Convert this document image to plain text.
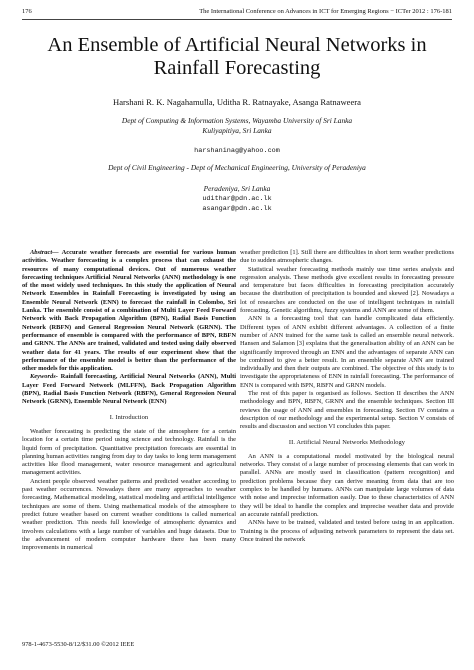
176	The International Conference on Advances in ICT for Emerging Regions − ICTer 2012 : 176-181
An Ensemble of Artificial Neural Networks in
Rainfall Forecasting
Harshani R. K. Nagahamulla, Uditha R. Ratnayake, Asanga Ratnaweera
Dept of Computing & Information Systems, Wayamba University of Sri Lanka
Kuliyapitiya, Sri Lanka
harshaninag@yahoo.com
Dept of Civil Engineering - Dept of Mechanical Engineering, University of Peradeniya
Peradeniya, Sri Lanka
udithar@pdn.ac.lk
asangar@pdn.ac.lk

Abstract— Accurate weather forecasts are essential for various human activities. Weather forecasting is a complex process that can exhaust the resources of many computational devices. Out of numerous weather forecasting techniques Artificial Neural Networks (ANN) methodology is one of the most widely used techniques. In this study the application of Neural Network Ensembles in Rainfall Forecasting is investigated by using an Ensemble Neural Network (ENN) to forecast the rainfall in Colombo, Sri Lanka. The ensemble consist of a combination of Multi Layer Feed Forward Network with Back Propagation Algorithm (BPN), Radial Basis Function Network (RBFN) and General Regression Neural Network (GRNN). The performance of ensemble is compared with the performance of BPN, RBFN and GRNN. The ANNs are trained, validated and tested using daily observed weather data for 41 years. The results of our experiment show that the performance of the ensemble model is better than the performance of the other models for this application.

Keywords- Rainfall forecasting, Artificial Neural Networks (ANN), Multi Layer Feed Forward Network (MLFFN), Back Propagation Algorithm (BPN), Radial Basis Function Network (RBFN), General Regression Neural Network (GRNN), Ensemble Neural Network (ENN)

I. Introduction

Weather forecasting is predicting the state of the atmosphere for a certain location for a certain time period using science and technology. Rainfall is the liquid form of precipitation. Quantitative precipitation forecasts are essential in planning human activities ranging from day to day tasks to long term management activities like flood management, water resource management and agricultural management activities.

Ancient people observed weather patterns and predicted weather according to past weather occurrences. Nowadays there are many approaches to weather forecasting. Mathematical modeling, statistical modeling and artificial intelligence techniques are some of them. Using mathematical models of the atmosphere to predict future weather based on current weather conditions is called numerical weather prediction. This needs full knowledge of atmospheric dynamics and involves calculations with a large number of variables and huge datasets. Due to the advancement of modern computer hardware there has been many improvements in numerical

weather prediction [1]. Still there are difficulties in short term weather predictions due to sudden atmospheric changes.

Statistical weather forecasting methods mainly use time series analysis and regression analysis. These methods give excellent results in forecasting pressure and temperature but faces difficulties in forecasting precipitation accurately because the distribution of precipitation is bounded and skewed [2]. Nowadays a lot of researches are conducted on the use of intelligent techniques in rainfall forecasting. Genetic algorithms, fuzzy systems and ANN are some of them.

ANN is a forecasting tool that can handle complicated data efficiently. Different types of ANN exhibit different advantages. A collection of a finite number of ANN trained for the same task is called an ensemble neural network. Hansen and Salamon [3] explains that the generalisation ability of an ANN can be significantly improved through an ENN and the advantages of separate ANN can be combined to give a better result. In an ensemble separate ANN are trained individually and then their outputs are combined. The objective of this study is to investigate the appropriateness of ENN in rainfall forecasting. The performance of ENN is compared with BPN, RBFN and GRNN models.

The rest of this paper is organised as follows. Section II describes the ANN methodology and BPN, RBFN, GRNN and the ensemble techniques. Section III reviews the usage of ANN and ensembles in forecasting. Section IV contains a description of our methodology and the experimental setup. Section V consists of results and discussion and section VI concludes this paper.

II. Artificial Neural Networks Methodology

An ANN is a computational model motivated by the biological neural networks. They consist of a large number of processing elements that can work in parallel. ANNs are mostly used in classification (pattern recognition) and prediction problems because they can derive meaning from data that are too complex to be handled by humans. ANNs can manipulate large volumes of data with noise and imprecise information easily. Due to these characteristics of ANN they will be ideal to handle the complex and imprecise weather data and provide an accurate rainfall prediction.

ANNs have to be trained, validated and tested before using in an application. Training is the process of adjusting network parameters to represent the data set. Once trained the network

978-1-4673-5530-8/12/$31.00 ©2012 IEEE
